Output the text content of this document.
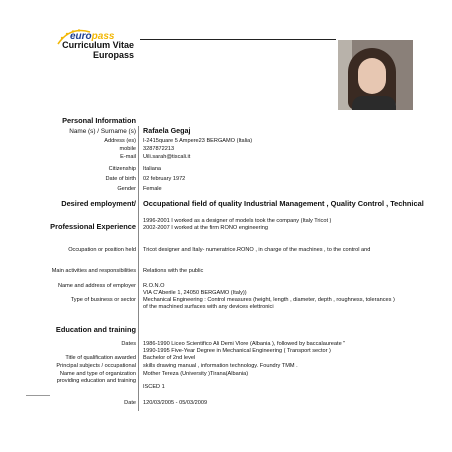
europass
Curriculum Vitae
Europass
Personal Information
Name (s) / Surname (s) Rafaela Gegaj
Address (es) I-2415quare 5 Ampere23 BERGAMO (Italia)
mobile 3287872213
E-mail Uili.sarah@tiscali.it
Citizenship Italiana
Date of birth 02 february 1972
Gender Female
Desired employment/ Occupational field of quality Industrial Management , Quality Control , Technical
Professional Experience
1996-2001 I worked as a designer of models took the company (Italy Tricot )
2002-2007 I worked at the firm RONO engineering
Occupation or position held Tricot designer and Italy- numeratrice.RONO , in charge of the machines , to the control and
Main activities and responsibilities Relations with the public
Name and address of employer R.O.N.O
VIA C'Aberile 1, 24050 BERGAMO (Italy))
Type of business or sector Mechanical Engineering : Control measures (height, length , diameter, depth , roughness, tolerances )
of the machined surfaces with any devices elettronici
Education and training
Dates 1986-1990 Liceo Scientifico Ali Demi Vlore (Albania ), followed by baccalaureate "
1990-1995 Five-Year Degree in Mechanical Engineering ( Transport sector )
Title of qualification awarded Bachelor of 2nd level
Principal subjects / occupational skills drawing manual , information technology. Foundry TMM .
Name and type of organization
providing education and training
Mother Tereza (University )Tirana(Albania)
ISCED 1
Date 120/03/2005 - 05/03/2009
